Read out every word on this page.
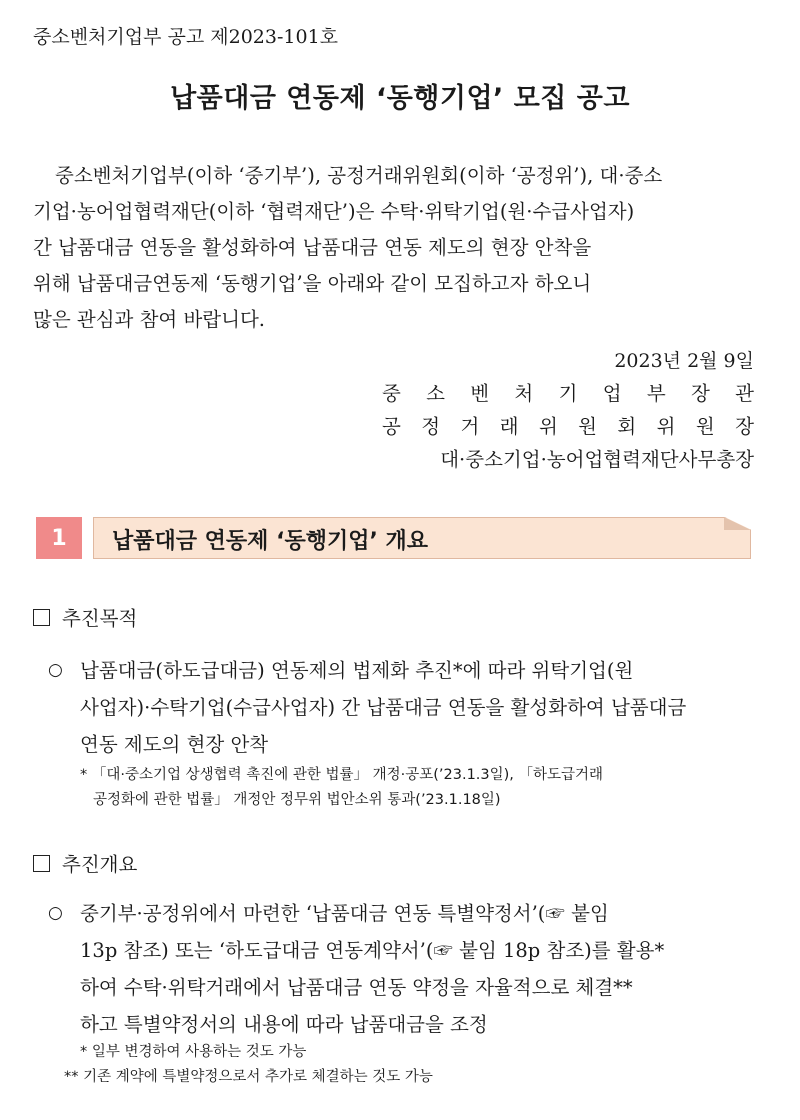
중소벤처기업부 공고 제2023-101호
납품대금 연동제 ‘동행기업’ 모집 공고
중소벤처기업부(이하 ‘중기부’), 공정거래위원회(이하 ‘공정위’), 대·중소
기업·농어업협력재단(이하 ‘협력재단’)은 수탁·위탁기업(원·수급사업자)
간 납품대금 연동을 활성화하여 납품대금 연동 제도의 현장 안착을
위해 납품대금연동제 ‘동행기업’을 아래와 같이 모집하고자 하오니
많은 관심과 참여 바랍니다.
2023년 2월 9일
중 소 벤 처 기 업 부 장 관
공 정 거 래 위 원 회 위 원 장
대·중소기업·농어업협력재단사무총장
1	납품대금 연동제 ‘동행기업’ 개요
추진목적
○ 납품대금(하도급대금) 연동제의 법제화 추진*에 따라 위탁기업(원
사업자)·수탁기업(수급사업자) 간 납품대금 연동을 활성화하여 납품대금
연동 제도의 현장 안착
* 「대·중소기업 상생협력 촉진에 관한 법률」 개정·공포(’23.1.3일), 「하도급거래
공정화에 관한 법률」 개정안 정무위 법안소위 통과(’23.1.18일)
추진개요
○ 중기부·공정위에서 마련한 ‘납품대금 연동 특별약정서’(☞ 붙임
13p 참조) 또는 ‘하도급대금 연동계약서’(☞ 붙임 18p 참조)를 활용*
하여 수탁·위탁거래에서 납품대금 연동 약정을 자율적으로 체결**
하고 특별약정서의 내용에 따라 납품대금을 조정
* 일부 변경하여 사용하는 것도 가능
** 기존 계약에 특별약정으로서 추가로 체결하는 것도 가능
